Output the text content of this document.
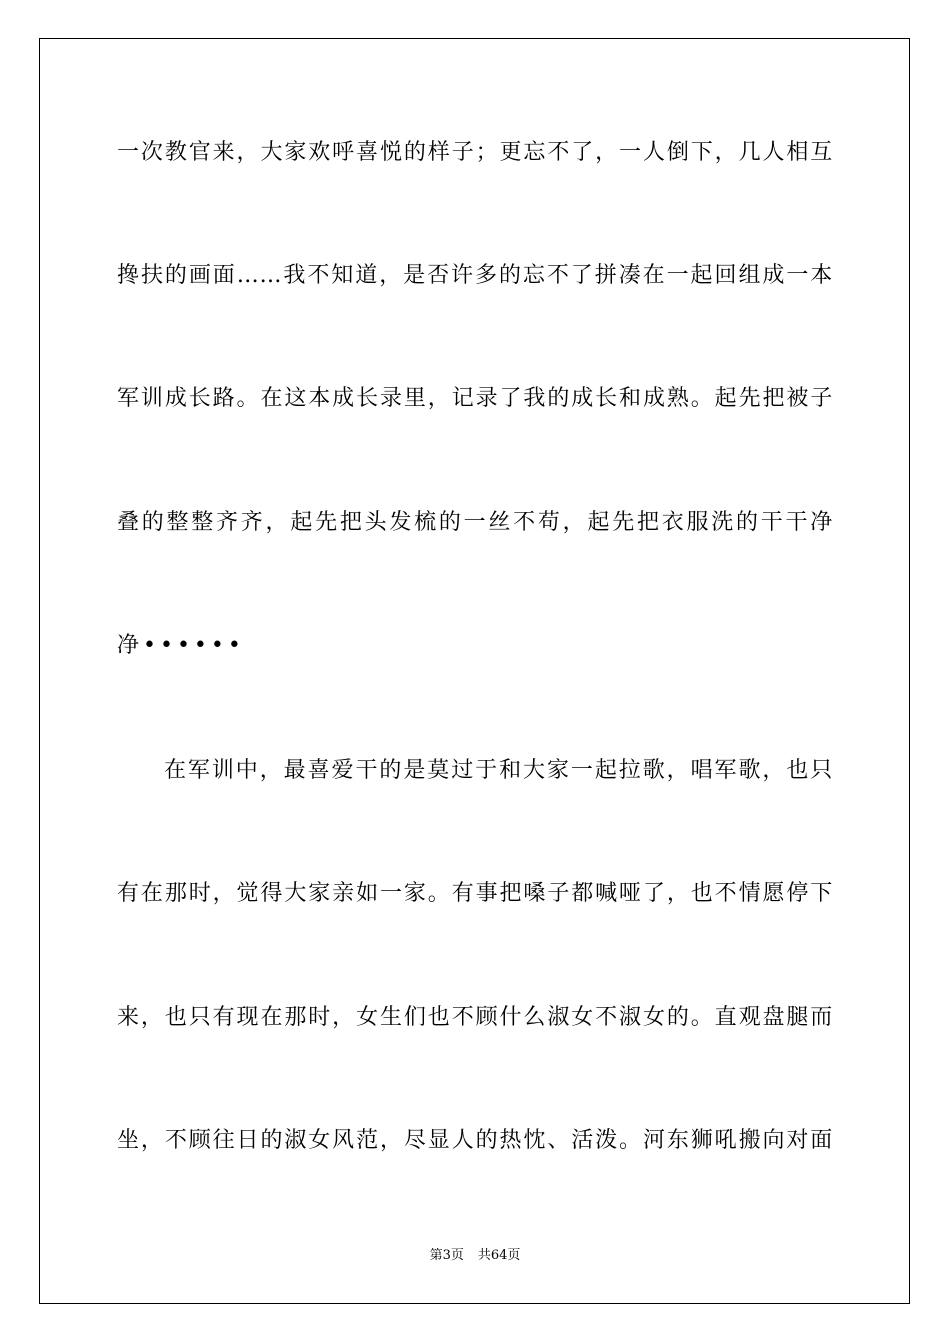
一次教官来，大家欢呼喜悦的样子；更忘不了，一人倒下，几人相互
搀扶的画面……我不知道，是否许多的忘不了拼凑在一起回组成一本
军训成长路。在这本成长录里，记录了我的成长和成熟。起先把被子
叠的整整齐齐，起先把头发梳的一丝不苟，起先把衣服洗的干干净
净••••••
在军训中，最喜爱干的是莫过于和大家一起拉歌，唱军歌，也只
有在那时，觉得大家亲如一家。有事把嗓子都喊哑了，也不情愿停下
来，也只有现在那时，女生们也不顾什么淑女不淑女的。直观盘腿而
坐，不顾往日的淑女风范，尽显人的热忱、活泼。河东狮吼搬向对面
第3页 共64页
